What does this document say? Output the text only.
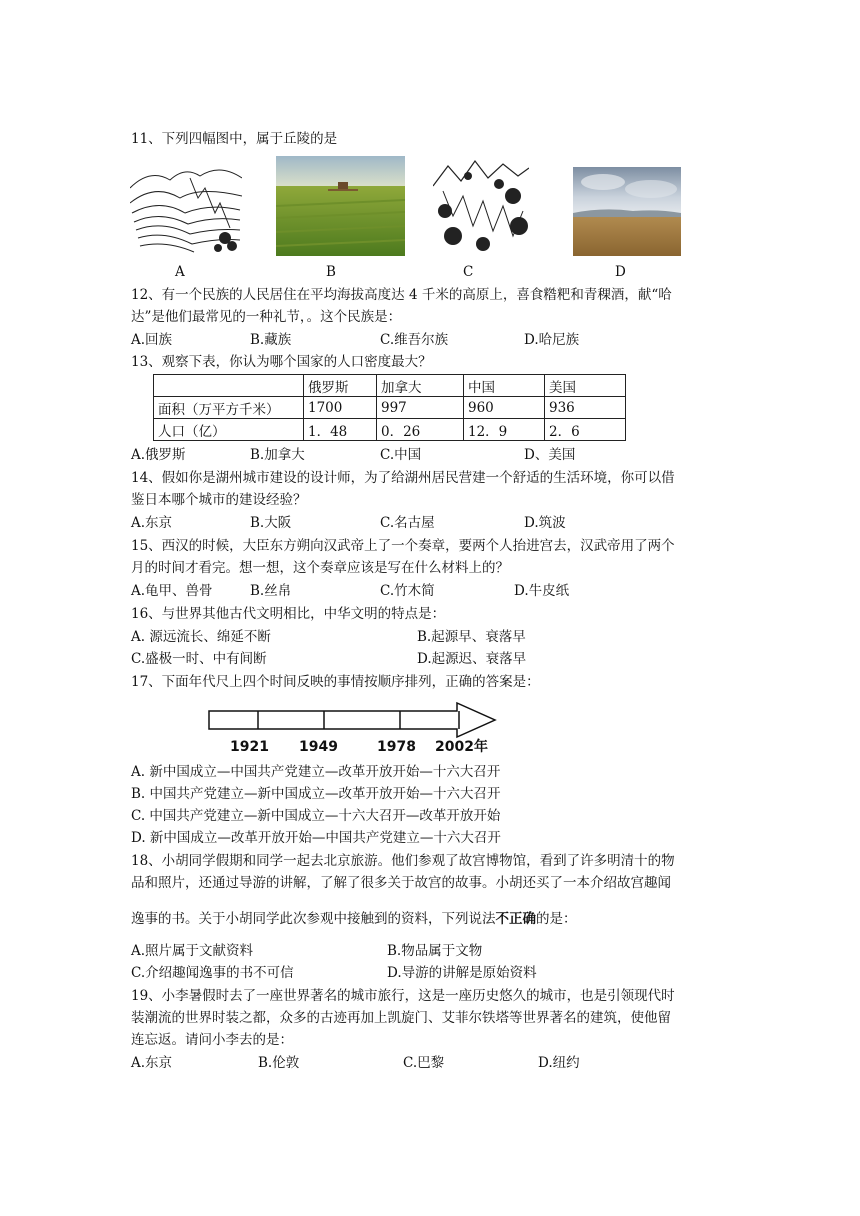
11、下列四幅图中，属于丘陵的是
A	B	C	D
12、有一个民族的人民居住在平均海拔高度达 4 千米的高原上，喜食糌粑和青稞酒，献“哈
达”是他们最常见的一种礼节，。这个民族是：
A.回族	B.藏族	C.维吾尔族	D.哈尼族
13、观察下表，你认为哪个国家的人口密度最大？
	俄罗斯	加拿大	中国	美国
面积（万平方千米）	1700	997	960	936
人口（亿）	1．48	0．26	12．9	2．6
A.俄罗斯	B.加拿大	C.中国	D、美国
14、假如你是湖州城市建设的设计师，为了给湖州居民营建一个舒适的生活环境，你可以借
鉴日本哪个城市的建设经验？
A.东京	B.大阪	C.名古屋	D.筑波
15、西汉的时候，大臣东方朔向汉武帝上了一个奏章，要两个人抬进宫去，汉武帝用了两个
月的时间才看完。想一想，这个奏章应该是写在什么材料上的？
A.龟甲、兽骨	B.丝帛	C.竹木简	D.牛皮纸
16、与世界其他古代文明相比，中华文明的特点是：
A. 源远流长、绵延不断	B.起源早、衰落早
C.盛极一时、中有间断	D.起源迟、衰落早
17、下面年代尺上四个时间反映的事情按顺序排列，正确的答案是：
1921 1949	1978 2002年
A. 新中国成立—中国共产党建立—改革开放开始—十六大召开
B. 中国共产党建立—新中国成立—改革开放开始—十六大召开
C. 中国共产党建立—新中国成立—十六大召开—改革开放开始
D. 新中国成立—改革开放开始—中国共产党建立—十六大召开
18、小胡同学假期和同学一起去北京旅游。他们参观了故宫博物馆，看到了许多明清十的物
品和照片，还通过导游的讲解，了解了很多关于故宫的故事。小胡还买了一本介绍故宫趣闻
逸事的书。关于小胡同学此次参观中接触到的资料，下列说法不正确的是：
A.照片属于文献资料	B.物品属于文物
C.介绍趣闻逸事的书不可信	D.导游的讲解是原始资料
19、小李暑假时去了一座世界著名的城市旅行，这是一座历史悠久的城市，也是引领现代时
装潮流的世界时装之都，众多的古迹再加上凯旋门、艾菲尔铁塔等世界著名的建筑，使他留
连忘返。请问小李去的是：
A.东京	B.伦敦	C.巴黎	D.纽约
